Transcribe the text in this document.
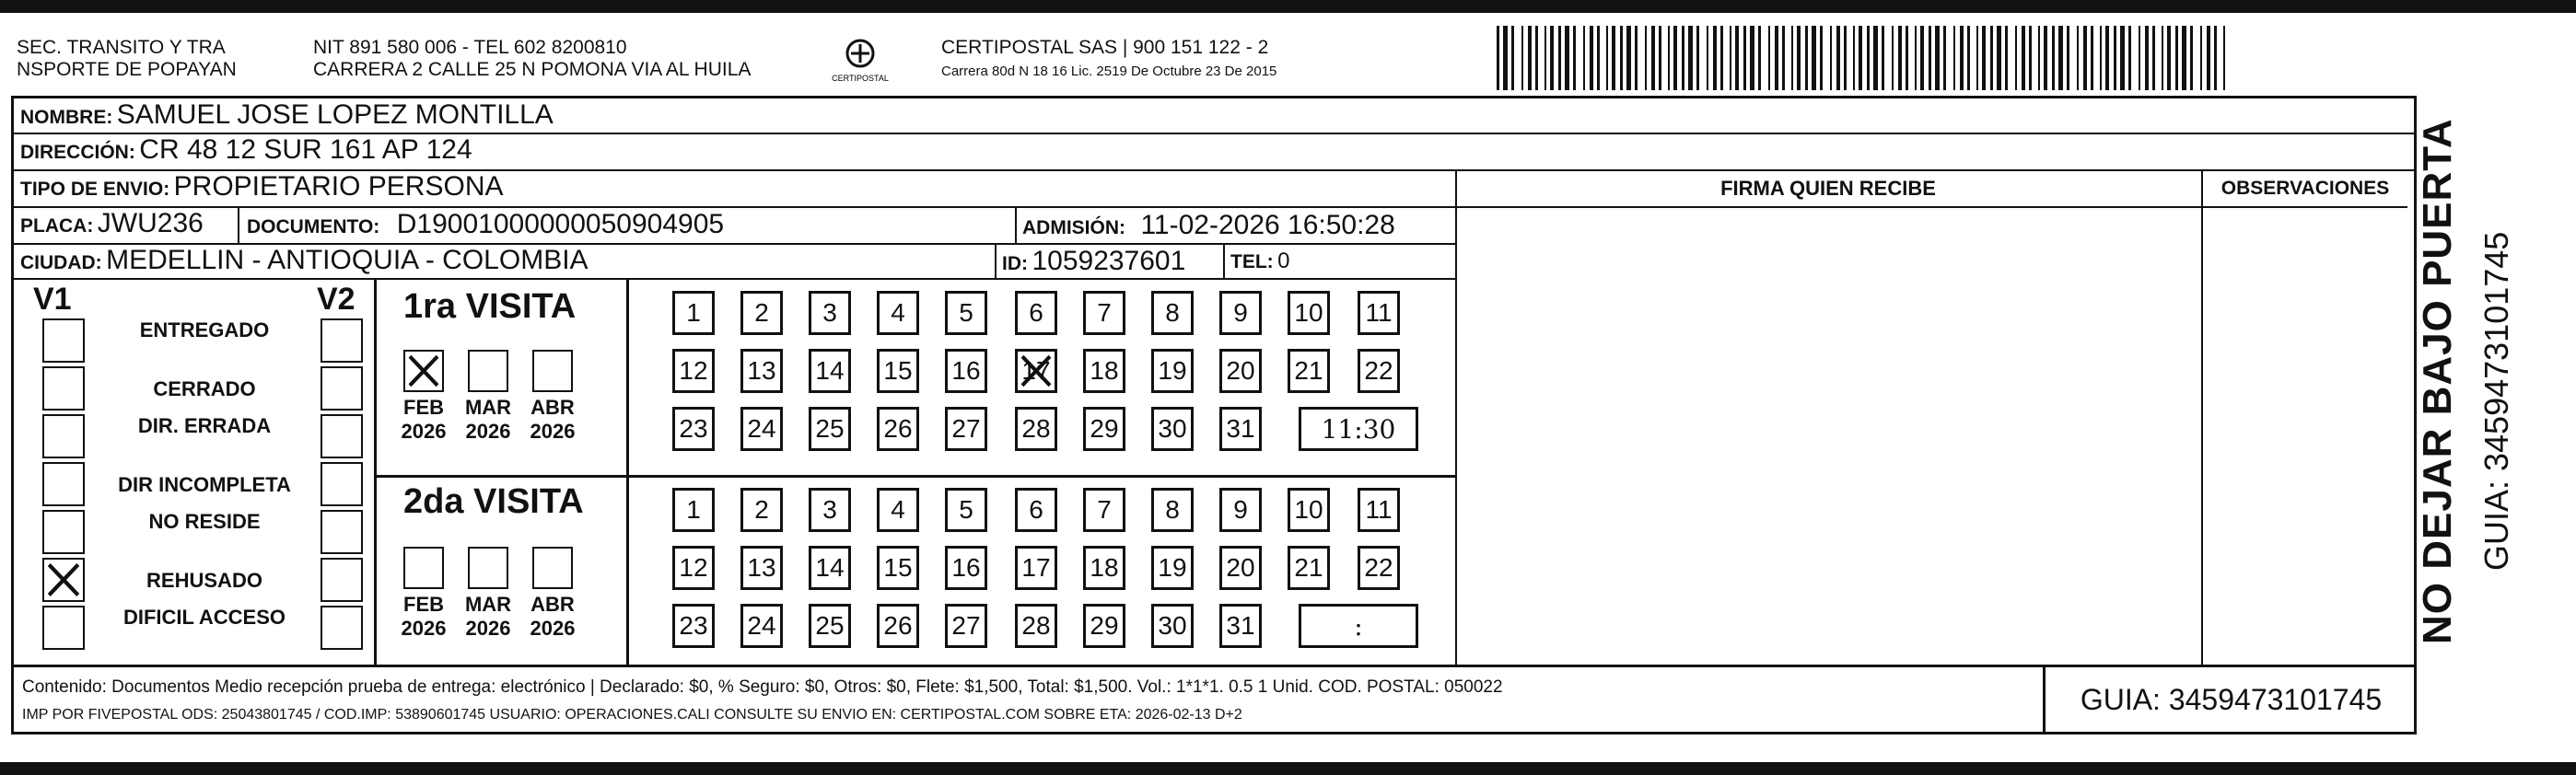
SEC. TRANSITO Y TRA
NSPORTE DE POPAYAN
NIT 891 580 006 - TEL 602 8200810
CARRERA 2 CALLE 25 N POMONA VIA AL HUILA	CERTIPOSTAL
CERTIPOSTAL SAS | 900 151 122 - 2
Carrera 80d N 18 16 Lic. 2519 De Octubre 23 De 2015
NOMBRE: SAMUEL JOSE LOPEZ MONTILLA
DIRECCIÓN: CR 48 12 SUR 161 AP 124
TIPO DE ENVIO: PROPIETARIO PERSONA
PLACA: JWU236 DOCUMENTO: D19001000000050904905	ADMISIÓN: 11-02-2026 16:50:28
CIUDAD: MEDELLIN - ANTIOQUIA - COLOMBIA	ID: 1059237601 TEL: 0
FIRMA QUIEN RECIBE	OBSERVACIONES
V1	V2
ENTREGADO
CERRADO
DIR. ERRADA
DIR INCOMPLETA
NO RESIDE
REHUSADO
DIFICIL ACCESO
1ra VISITA
2da VISITA
FEB
2026
MAR
2026
ABR
2026
1	2	3	4	5	6	7	8	9	10	11
12 13 14 15 16 17 18 19 20 21 22
23 24 25 26 27 28 29 30 31	11:30
FEB
2026
MAR
2026
ABR
2026
1	2	3	4	5	6	7	8	9	10	11
12 13 14 15 16 17 18 19 20 21 22
23 24 25 26 27 28 29 30 31	:
Contenido: Documentos Medio recepción prueba de entrega: electrónico | Declarado: $0, % Seguro: $0, Otros: $0, Flete: $1,500, Total: $1,500. Vol.: 1*1*1. 0.5 1 Unid. COD. POSTAL: 050022
IMP POR FIVEPOSTAL ODS: 25043801745 / COD.IMP: 53890601745 USUARIO: OPERACIONES.CALI CONSULTE SU ENVIO EN: CERTIPOSTAL.COM SOBRE ETA: 2026-02-13 D+2	GUIA: 3459473101745
NO DEJAR BAJO PUERTA GUIA: 3459473101745
